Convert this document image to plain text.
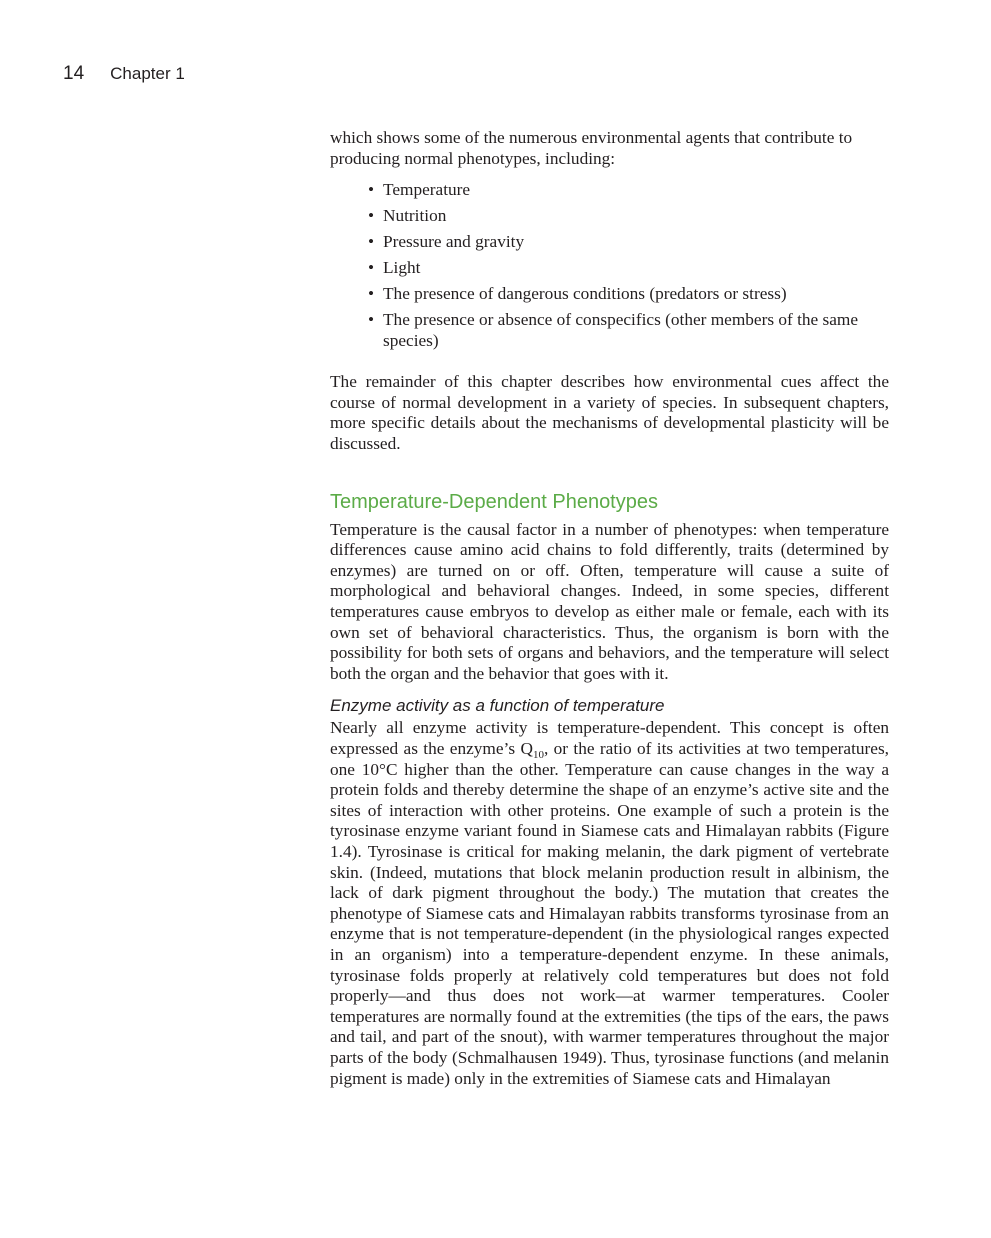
14 Chapter 1

which shows some of the numerous environmental agents that contribute to producing normal phenotypes, including:

• Temperature
• Nutrition
• Pressure and gravity
• Light
• The presence of dangerous conditions (predators or stress)
• The presence or absence of conspecifics (other members of the same species)

The remainder of this chapter describes how environmental cues affect the course of normal development in a variety of species. In subsequent chapters, more specific details about the mechanisms of developmental plasticity will be discussed.

Temperature-Dependent Phenotypes

Temperature is the causal factor in a number of phenotypes: when temperature differences cause amino acid chains to fold differently, traits (determined by enzymes) are turned on or off. Often, temperature will cause a suite of morphological and behavioral changes. Indeed, in some species, different temperatures cause embryos to develop as either male or female, each with its own set of behavioral characteristics. Thus, the organism is born with the possibility for both sets of organs and behaviors, and the temperature will select both the organ and the behavior that goes with it.

Enzyme activity as a function of temperature

Nearly all enzyme activity is temperature-dependent. This concept is often expressed as the enzyme’s $Q_{10}$, or the ratio of its activities at two temperatures, one 10°C higher than the other. Temperature can cause changes in the way a protein folds and thereby determine the shape of an enzyme’s active site and the sites of interaction with other proteins. One example of such a protein is the tyrosinase enzyme variant found in Siamese cats and Himalayan rabbits (Figure 1.4). Tyrosinase is critical for making melanin, the dark pigment of vertebrate skin. (Indeed, mutations that block melanin production result in albinism, the lack of dark pigment throughout the body.) The mutation that creates the phenotype of Siamese cats and Himalayan rabbits transforms tyrosinase from an enzyme that is not temperature-dependent (in the physiological ranges expected in an organism) into a temperature-dependent enzyme. In these animals, tyrosinase folds properly at relatively cold temperatures but does not fold properly—and thus does not work—at warmer temperatures. Cooler temperatures are normally found at the extremities (the tips of the ears, the paws and tail, and part of the snout), with warmer temperatures throughout the major parts of the body (Schmalhausen 1949). Thus, tyrosinase functions (and melanin pigment is made) only in the extremities of Siamese cats and Himalayan
